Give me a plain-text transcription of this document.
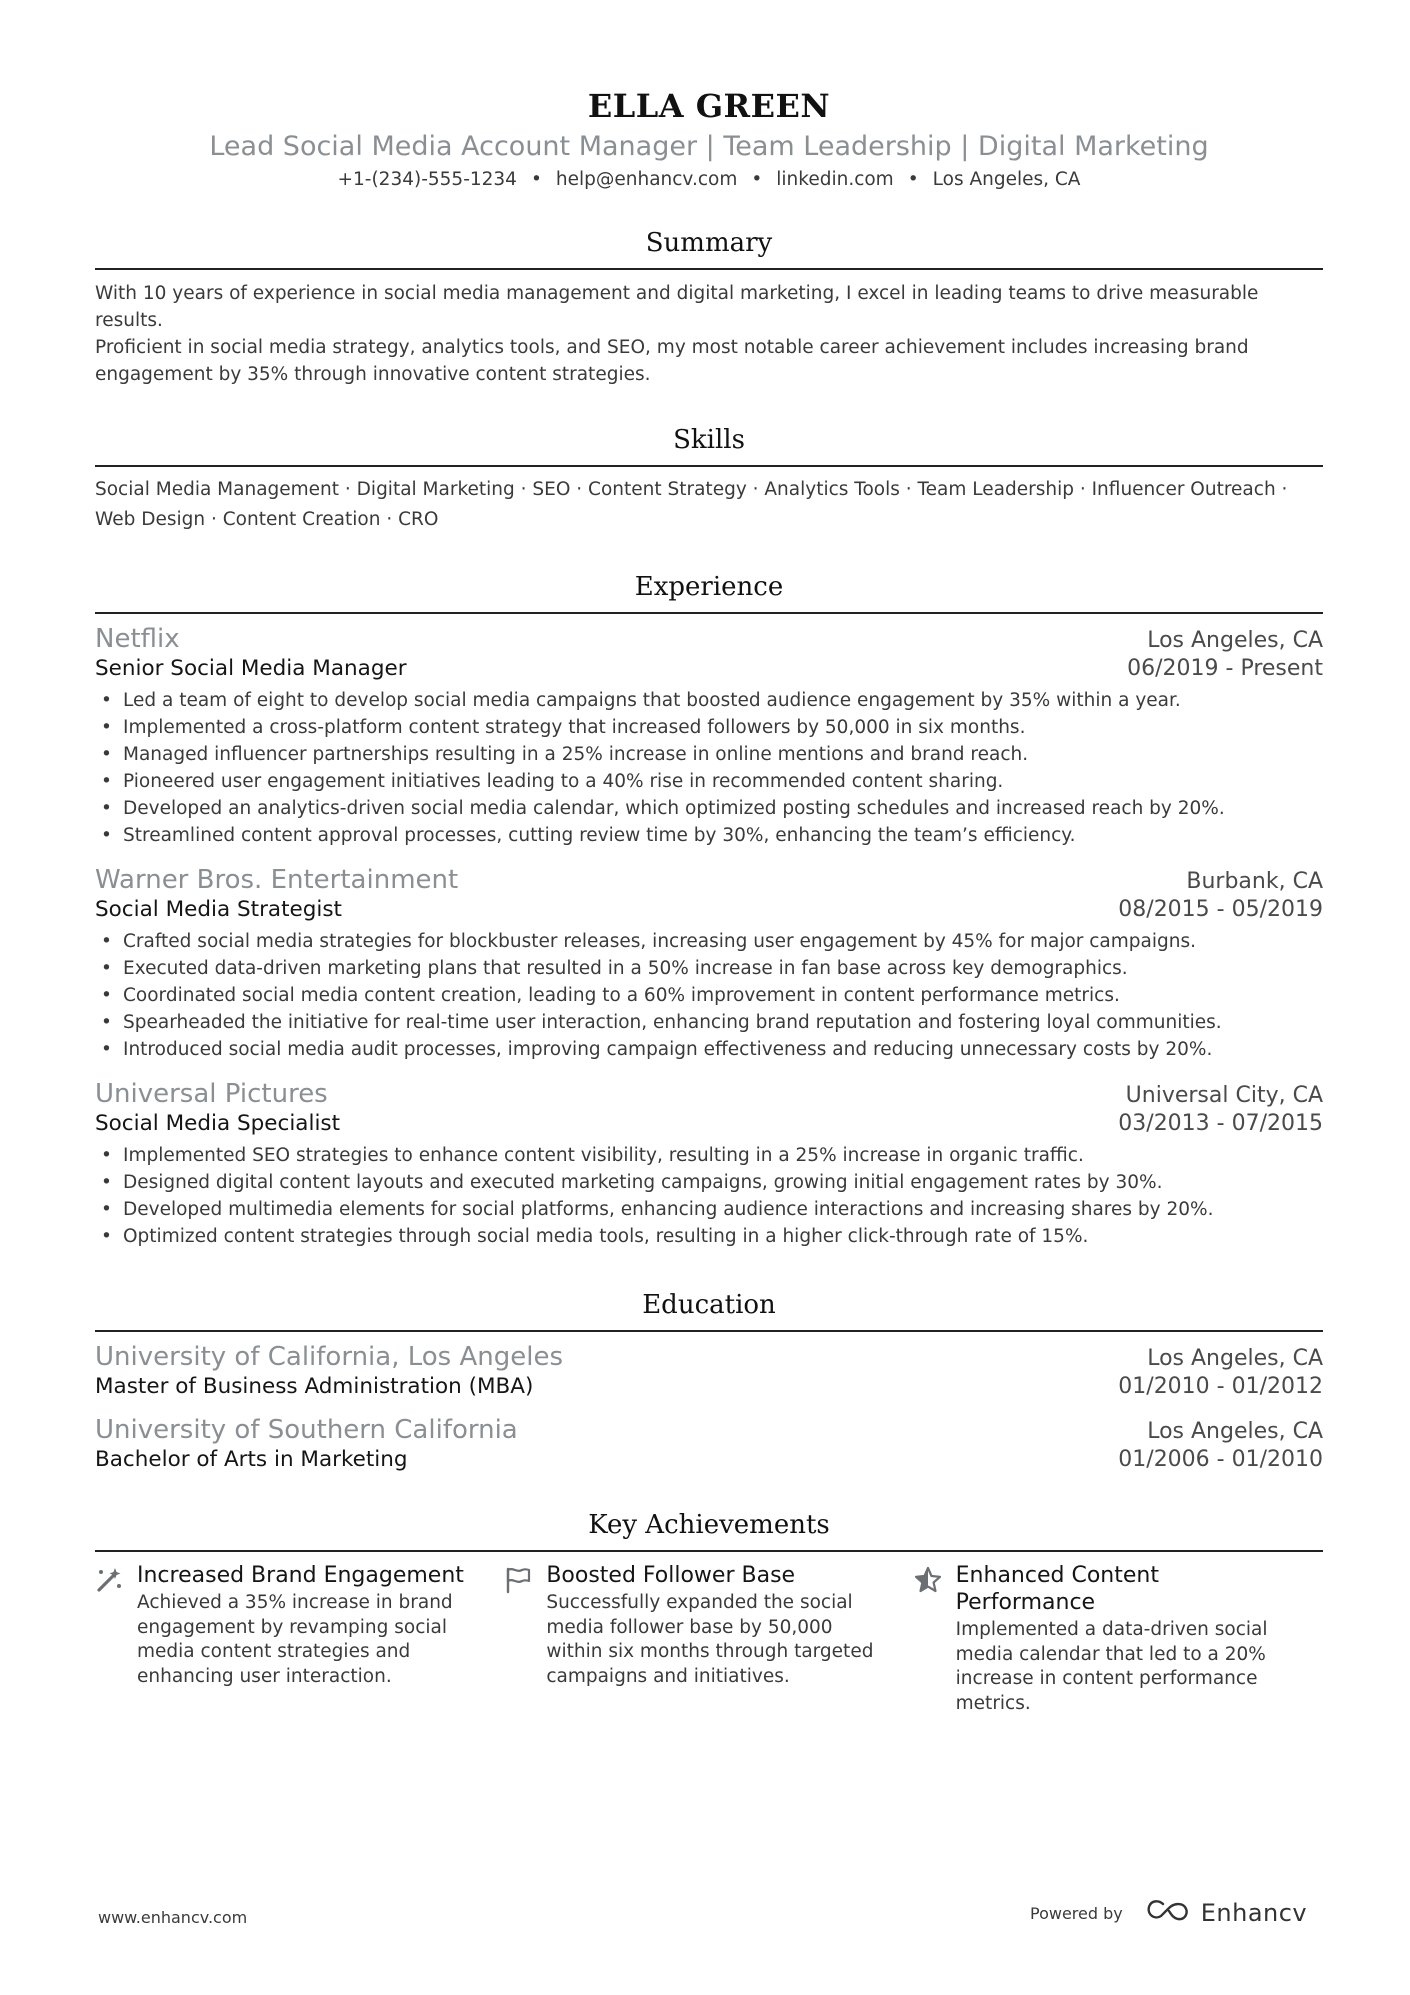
ELLA GREEN
Lead Social Media Account Manager | Team Leadership | Digital Marketing
+1-(234)-555-1234 • help@enhancv.com • linkedin.com • Los Angeles, CA
Summary
With 10 years of experience in social media management and digital marketing, I excel in leading teams to drive measurable results.
Proficient in social media strategy, analytics tools, and SEO, my most notable career achievement includes increasing brand
engagement by 35% through innovative content strategies.
Skills
Social Media Management · Digital Marketing · SEO · Content Strategy · Analytics Tools · Team Leadership · Influencer Outreach ·
Web Design · Content Creation · CRO
Experience
Netflix	Los Angeles, CA
Senior Social Media Manager	06/2019 - Present
• Led a team of eight to develop social media campaigns that boosted audience engagement by 35% within a year.
• Implemented a cross-platform content strategy that increased followers by 50,000 in six months.
• Managed influencer partnerships resulting in a 25% increase in online mentions and brand reach.
• Pioneered user engagement initiatives leading to a 40% rise in recommended content sharing.
• Developed an analytics-driven social media calendar, which optimized posting schedules and increased reach by 20%.
• Streamlined content approval processes, cutting review time by 30%, enhancing the team’s efficiency.
Warner Bros. Entertainment	Burbank, CA
Social Media Strategist	08/2015 - 05/2019
• Crafted social media strategies for blockbuster releases, increasing user engagement by 45% for major campaigns.
• Executed data-driven marketing plans that resulted in a 50% increase in fan base across key demographics.
• Coordinated social media content creation, leading to a 60% improvement in content performance metrics.
• Spearheaded the initiative for real-time user interaction, enhancing brand reputation and fostering loyal communities.
• Introduced social media audit processes, improving campaign effectiveness and reducing unnecessary costs by 20%.
Universal Pictures	Universal City, CA
Social Media Specialist	03/2013 - 07/2015
• Implemented SEO strategies to enhance content visibility, resulting in a 25% increase in organic traffic.
• Designed digital content layouts and executed marketing campaigns, growing initial engagement rates by 30%.
• Developed multimedia elements for social platforms, enhancing audience interactions and increasing shares by 20%.
• Optimized content strategies through social media tools, resulting in a higher click-through rate of 15%.
Education
University of California, Los Angeles	Los Angeles, CA
Master of Business Administration (MBA)	01/2010 - 01/2012
University of Southern California	Los Angeles, CA
Bachelor of Arts in Marketing	01/2006 - 01/2010
Key Achievements
Increased Brand Engagement
Achieved a 35% increase in brand
engagement by revamping social
media content strategies and
enhancing user interaction.
Boosted Follower Base
Successfully expanded the social
media follower base by 50,000
within six months through targeted
campaigns and initiatives.
Enhanced Content
Performance
Implemented a data-driven social
media calendar that led to a 20%
increase in content performance
metrics.
www.enhancv.com	Powered by	Enhancv
